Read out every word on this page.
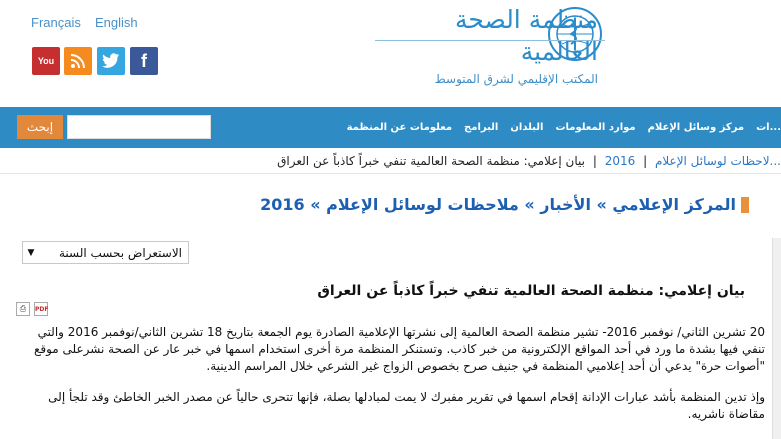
Français English
You	f
منظمة الصحة العالمية
المكتب الإقليمي لشرق المتوسط
إبحث	...ات
مركز وسائل الإعلام
موارد المعلومات
البلدان
البرامج
معلومات عن المنظمة
...لاحظات لوسائل الإعلام | 2016 | بيان إعلامي: منظمة الصحة العالمية تنفي خبراً كاذباً عن العراق
المركز الإعلامي » الأخبار » ملاحظات لوسائل الإعلام » 2016
▼	الاستعراض بحسب السنة
بيان إعلامي: منظمة الصحة العالمية تنفي خبراً كاذباً عن العراق
⎙	PDF

20 تشرين الثاني/ نوفمبر 2016- تشير منظمة الصحة العالمية إلى نشرتها الإعلامية الصادرة يوم الجمعة بتاريخ 18 تشرين الثاني/نوفمبر 2016 والتي تنفي فيها بشدة ما ورد في أحد المواقع الإلكترونية من خبر كاذب. وتستنكر المنظمة مرة أخرى استخدام اسمها في خبر عار عن الصحة نشرعلى موقع "أصوات حرة" يدعي أن أحد إعلاميي المنظمة في جنيف صرح بخصوص الزواج غير الشرعي خلال المراسم الدينية.

وإذ تدين المنظمة بأشد عبارات الإدانة إقحام اسمها في تقرير مفبرك لا يمت لمبادلها بصلة، فإنها تتحرى حالياً عن مصدر الخبر الخاطئ وقد تلجأ إلى مقاضاة ناشريه.
